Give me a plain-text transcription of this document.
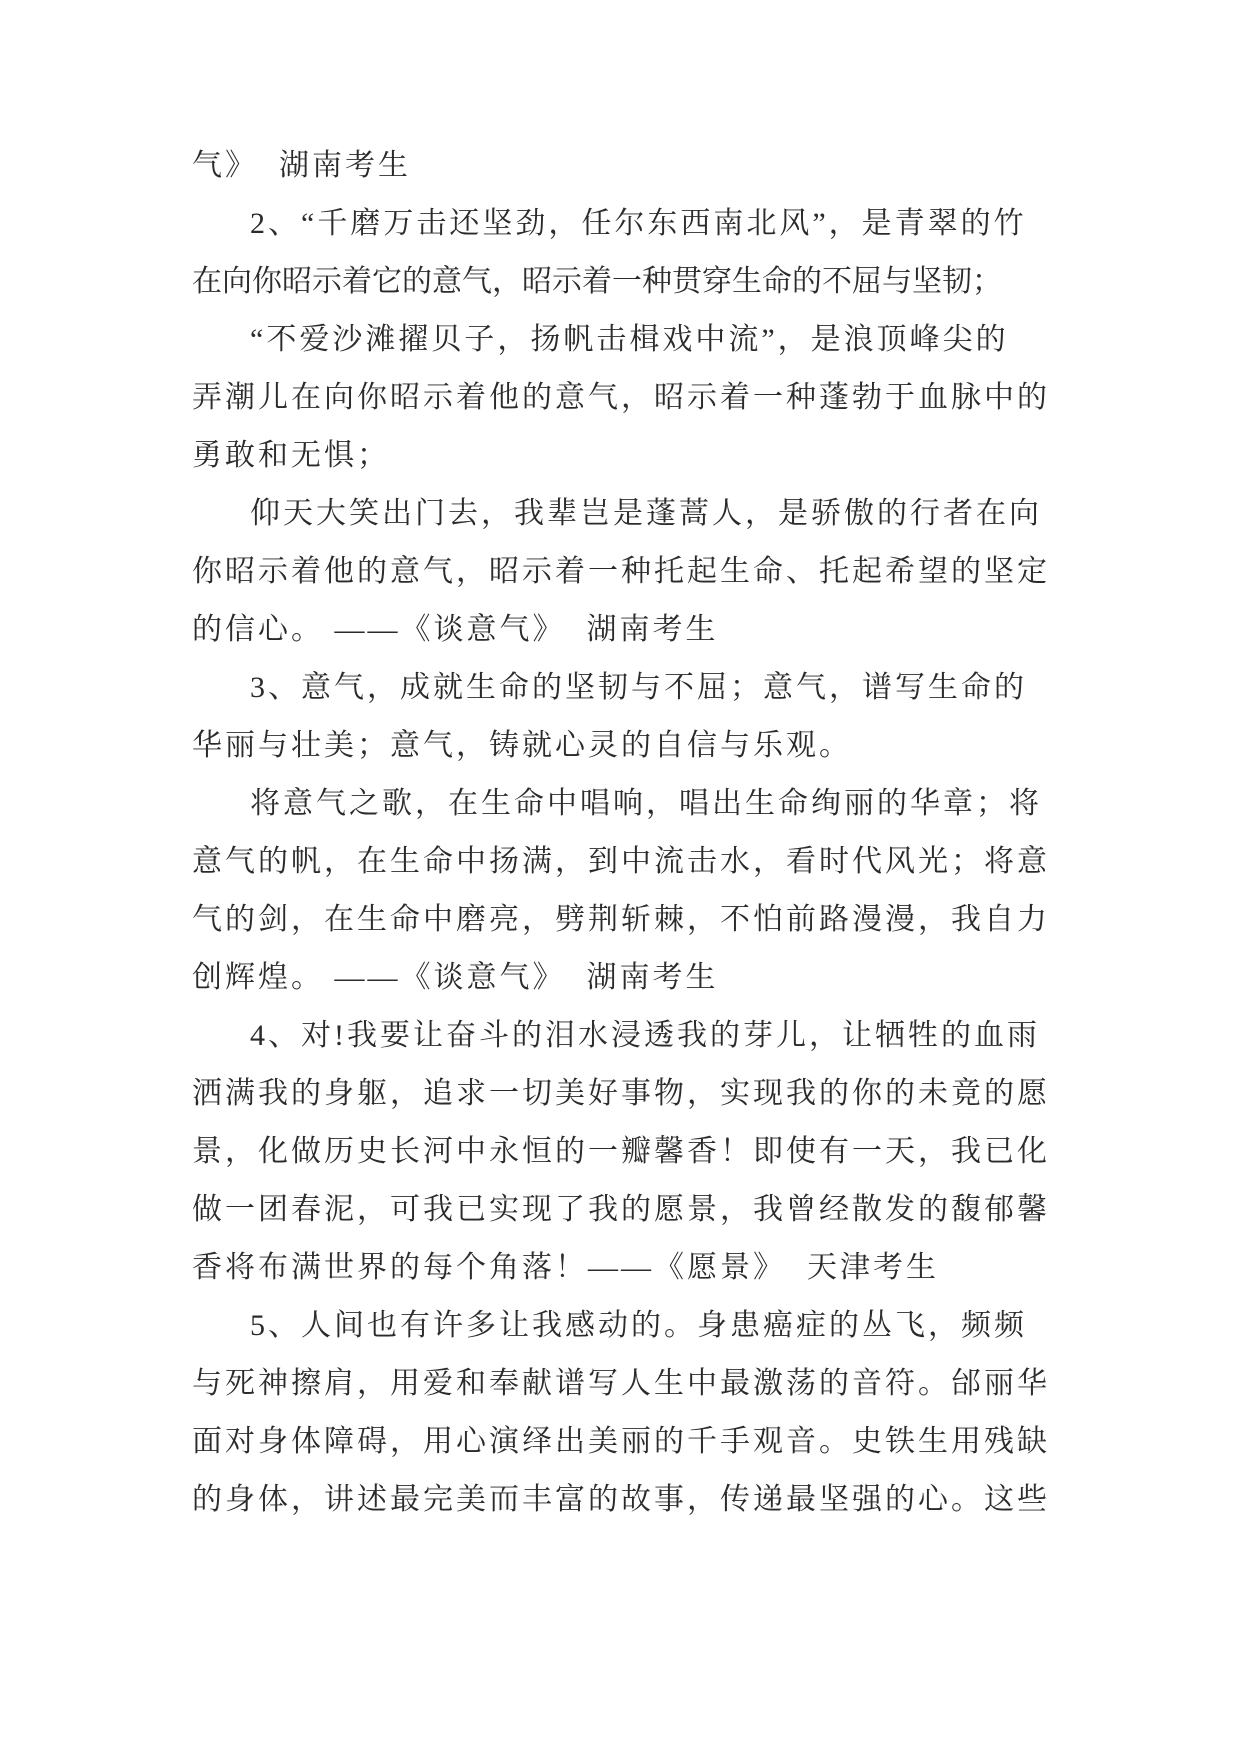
气》  湖南考生
2、“千磨万击还坚劲，任尔东西南北风”，是青翠的竹
在向你昭示着它的意气，昭示着一种贯穿生命的不屈与坚韧；
“不爱沙滩擢贝子，扬帆击楫戏中流”，是浪顶峰尖的
弄潮儿在向你昭示着他的意气，昭示着一种蓬勃于血脉中的
勇敢和无惧；
仰天大笑出门去，我辈岂是蓬蒿人，是骄傲的行者在向
你昭示着他的意气，昭示着一种托起生命、托起希望的坚定
的信心。 ——《谈意气》  湖南考生
3、意气，成就生命的坚韧与不屈；意气，谱写生命的
华丽与壮美；意气，铸就心灵的自信与乐观。
将意气之歌，在生命中唱响，唱出生命绚丽的华章；将
意气的帆，在生命中扬满，到中流击水，看时代风光；将意
气的剑，在生命中磨亮，劈荆斩棘，不怕前路漫漫，我自力
创辉煌。 ——《谈意气》  湖南考生
4、对!我要让奋斗的泪水浸透我的芽儿，让牺牲的血雨
洒满我的身躯，追求一切美好事物，实现我的你的未竟的愿
景，化做历史长河中永恒的一瓣馨香！即使有一天，我已化
做一团春泥，可我已实现了我的愿景，我曾经散发的馥郁馨
香将布满世界的每个角落！——《愿景》  天津考生
5、人间也有许多让我感动的。身患癌症的丛飞，频频
与死神擦肩，用爱和奉献谱写人生中最激荡的音符。邰丽华
面对身体障碍，用心演绎出美丽的千手观音。史铁生用残缺
的身体，讲述最完美而丰富的故事，传递最坚强的心。这些
